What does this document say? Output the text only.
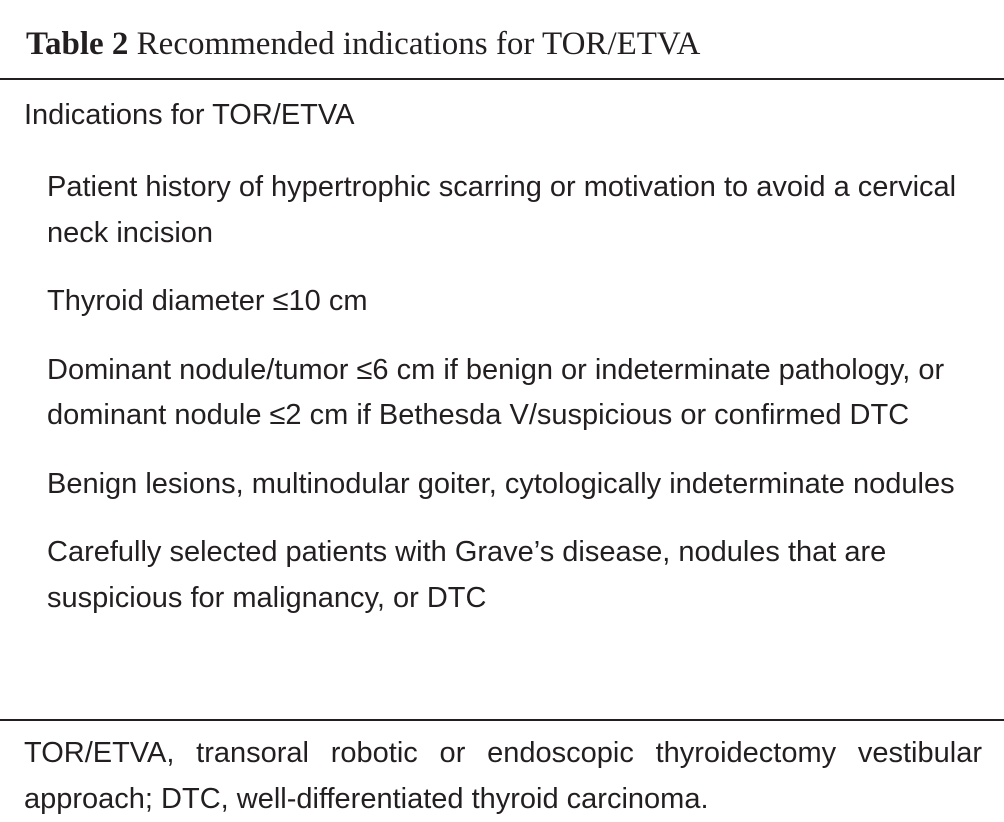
Table 2 Recommended indications for TOR/ETVA
Indications for TOR/ETVA
Patient history of hypertrophic scarring or motivation to avoid a cervical neck incision
Thyroid diameter ≤10 cm
Dominant nodule/tumor ≤6 cm if benign or indeterminate pathology, or dominant nodule ≤2 cm if Bethesda V/suspicious or confirmed DTC
Benign lesions, multinodular goiter, cytologically indeterminate nodules
Carefully selected patients with Grave’s disease, nodules that are suspicious for malignancy, or DTC

TOR/ETVA, transoral robotic or endoscopic thyroidectomy vestibular approach; DTC, well-differentiated thyroid carcinoma.
